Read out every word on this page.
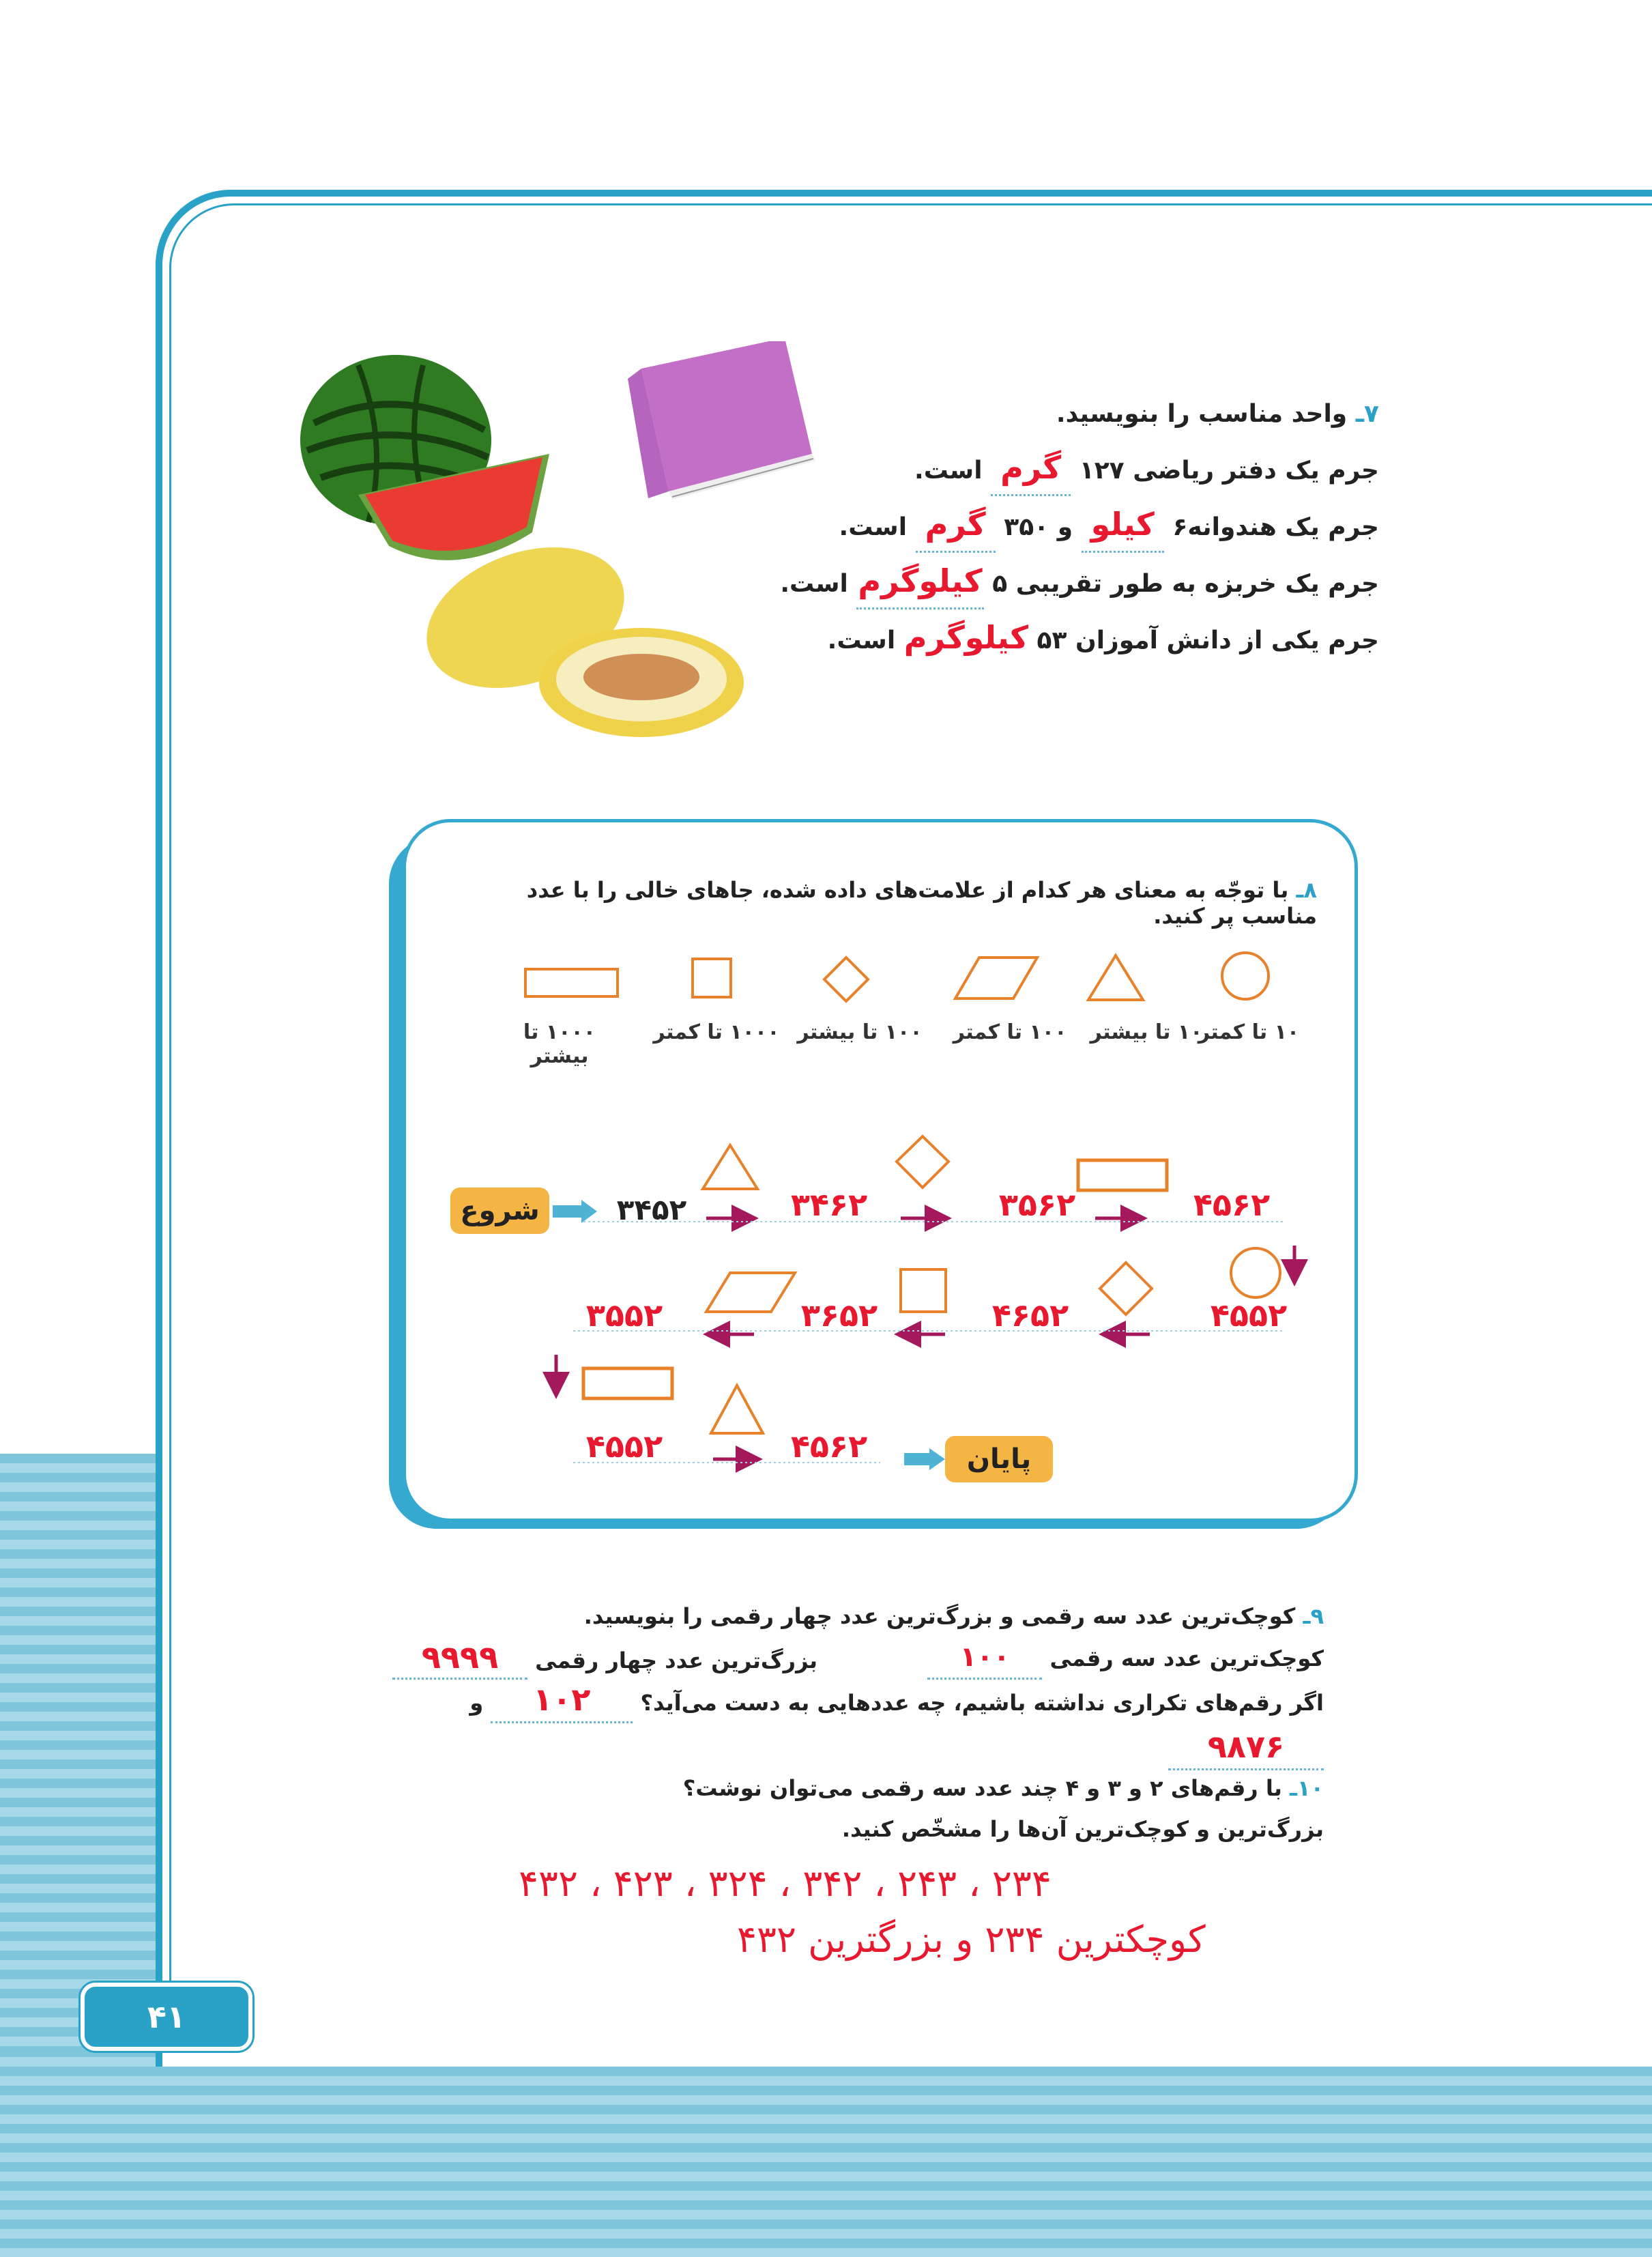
۷ـ واحد مناسب را بنویسید.
جرم یک دفتر ریاضی ۱۲۷ گرم است.
جرم یک هندوانه۶ کیلو و ۳۵۰ گرم است.
جرم یک خربزه به طور تقریبی ۵ کیلوگرم است.
جرم یکی از دانش آموزان ۵۳ کیلوگرم است.
۸ـ با توجّه به معنای هر کدام از علامت‌های داده شده، جاهای خالی را با عدد مناسب پر کنید.
۱۰۰۰ تا بیشتر
۱۰۰۰ تا کمتر ۱۰۰ تا بیشتر	۱۰۰ تا کمتر	۱۰ تا بیشتر
۱۰ تا کمتر
شروع	۳۴۵۲	۳۴۶۲	۳۵۶۲	۴۵۶۲
۴۵۵۲
۴۶۵۲
۳۶۵۲
۳۵۵۲
۴۵۵۲	۴۵۶۲	پایان
۹ـ کوچک‌ترین عدد سه رقمی و بزرگ‌ترین عدد چهار رقمی را بنویسید.
کوچک‌ترین عدد سه رقمی ۱۰۰
بزرگ‌ترین عدد چهار رقمی ۹۹۹۹
اگر رقم‌های تکراری نداشته باشیم، چه عددهایی به دست می‌آید؟ ۱۰۲ و ۹۸۷۶
۱۰ـ با رقم‌های ۲ و ۳ و ۴ چند عدد سه رقمی می‌توان نوشت؟
بزرگ‌ترین و کوچک‌ترین آن‌ها را مشخّص کنید.
۲۳۴ ، ۲۴۳ ، ۳۴۲ ، ۳۲۴ ، ۴۲۳ ، ۴۳۲
کوچکترین ۲۳۴ و بزرگترین ۴۳۲
۴۱
